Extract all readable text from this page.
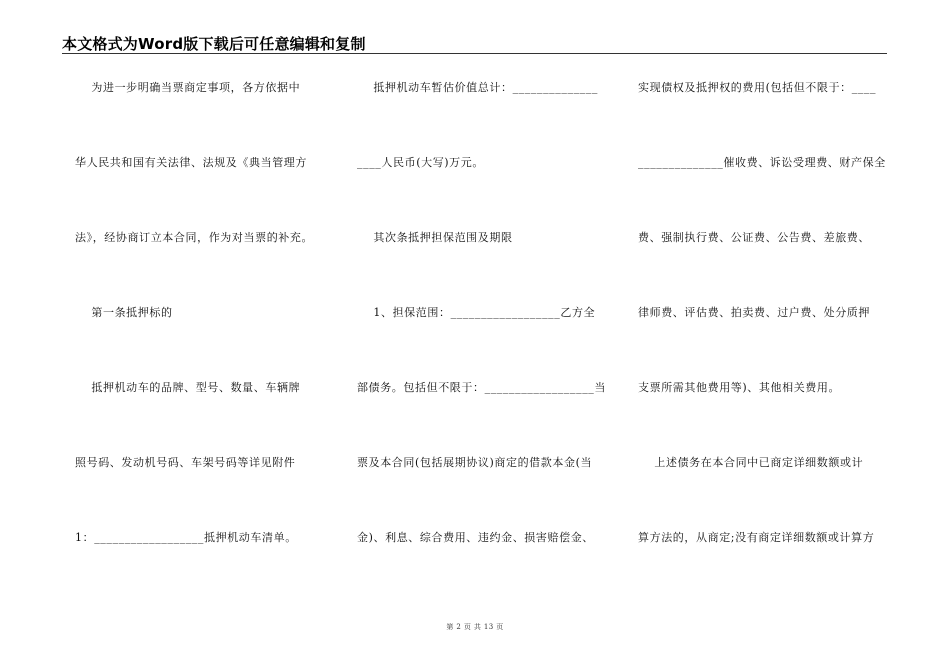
本文格式为Word版下载后可任意编辑和复制
为进一步明确当票商定事项，各方依据中
华人民共和国有关法律、法规及《典当管理方
法》，经协商订立本合同，作为对当票的补充。
第一条抵押标的
抵押机动车的品牌、型号、数量、车辆牌
照号码、发动机号码、车架号码等详见附件
1：__________________抵押机动车清单。
抵押机动车暂估价值总计：______________
____人民币(大写)万元。
其次条抵押担保范围及期限
1、担保范围：__________________乙方全
部债务。包括但不限于：__________________当
票及本合同(包括展期协议)商定的借款本金(当
金)、利息、综合费用、违约金、损害赔偿金、
实现债权及抵押权的费用(包括但不限于：____
______________催收费、诉讼受理费、财产保全
费、强制执行费、公证费、公告费、差旅费、
律师费、评估费、拍卖费、过户费、处分质押
支票所需其他费用等)、其他相关费用。
上述债务在本合同中已商定详细数额或计
算方法的，从商定;没有商定详细数额或计算方
第 2 页 共 13 页
